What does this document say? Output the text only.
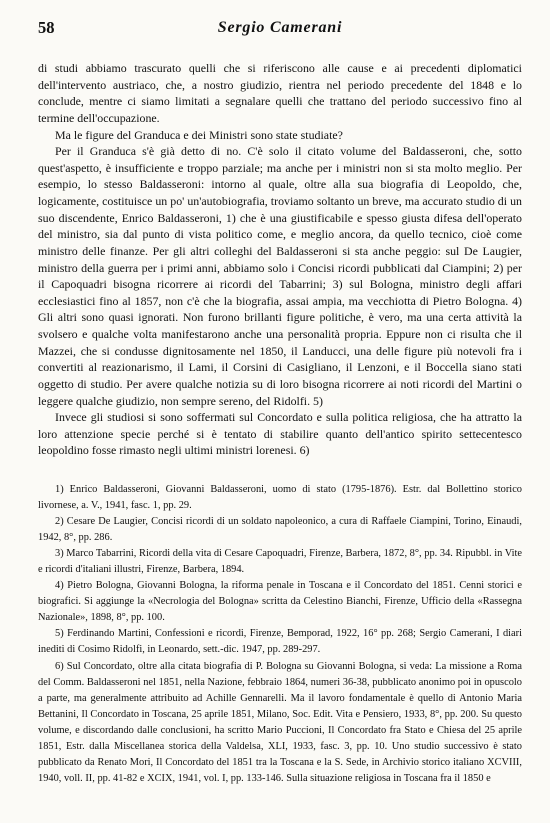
58	Sergio Camerani

di studi abbiamo trascurato quelli che si riferiscono alle cause e ai precedenti diplomatici dell'intervento austriaco, che, a nostro giudizio, rientra nel periodo precedente del 1848 e lo conclude, mentre ci siamo limitati a segnalare quelli che trattano del periodo successivo fino al termine dell'occupazione.

Ma le figure del Granduca e dei Ministri sono state studiate?

Per il Granduca s'è già detto di no. C'è solo il citato volume del Baldasseroni, che, sotto quest'aspetto, è insufficiente e troppo parziale; ma anche per i ministri non si sta molto meglio. Per esempio, lo stesso Baldasseroni: intorno al quale, oltre alla sua biografia di Leopoldo, che, logicamente, costituisce un po' un'autobiografia, troviamo soltanto un breve, ma accurato studio di un suo discendente, Enrico Baldasseroni, 1) che è una giustificabile e spesso giusta difesa dell'operato del ministro, sia dal punto di vista politico come, e meglio ancora, da quello tecnico, cioè come ministro delle finanze. Per gli altri colleghi del Baldasseroni si sta anche peggio: sul De Laugier, ministro della guerra per i primi anni, abbiamo solo i Concisi ricordi pubblicati dal Ciampini; 2) per il Capoquadri bisogna ricorrere ai ricordi del Tabarrini; 3) sul Bologna, ministro degli affari ecclesiastici fino al 1857, non c'è che la biografia, assai ampia, ma vecchiotta di Pietro Bologna. 4) Gli altri sono quasi ignorati. Non furono brillanti figure politiche, è vero, ma una certa attività la svolsero e qualche volta manifestarono anche una personalità propria. Eppure non ci risulta che il Mazzei, che si condusse dignitosamente nel 1850, il Landucci, una delle figure più notevoli fra i convertiti al reazionarismo, il Lami, il Corsini di Casigliano, il Lenzoni, e il Boccella siano stati oggetto di studio. Per avere qualche notizia su di loro bisogna ricorrere ai noti ricordi del Martini o leggere qualche giudizio, non sempre sereno, del Ridolfi. 5)

Invece gli studiosi si sono soffermati sul Concordato e sulla politica religiosa, che ha attratto la loro attenzione specie perché si è tentato di stabilire quanto dell'antico spirito settecentesco leopoldino fosse rimasto negli ultimi ministri lorenesi. 6)

1) Enrico Baldasseroni, Giovanni Baldasseroni, uomo di stato (1795-1876). Estr. dal Bollettino storico livornese, a. V., 1941, fasc. 1, pp. 29.

2) Cesare De Laugier, Concisi ricordi di un soldato napoleonico, a cura di Raffaele Ciampini, Torino, Einaudi, 1942, 8°, pp. 286.

3) Marco Tabarrini, Ricordi della vita di Cesare Capoquadri, Firenze, Barbera, 1872, 8°, pp. 34. Ripubbl. in Vite e ricordi d'italiani illustri, Firenze, Barbera, 1894.

4) Pietro Bologna, Giovanni Bologna, la riforma penale in Toscana e il Concordato del 1851. Cenni storici e biografici. Si aggiunge la «Necrologia del Bologna» scritta da Celestino Bianchi, Firenze, Ufficio della «Rassegna Nazionale», 1898, 8°, pp. 100.

5) Ferdinando Martini, Confessioni e ricordi, Firenze, Bemporad, 1922, 16° pp. 268; Sergio Camerani, I diari inediti di Cosimo Ridolfi, in Leonardo, sett.-dic. 1947, pp. 289-297.

6) Sul Concordato, oltre alla citata biografia di P. Bologna su Giovanni Bologna, si veda: La missione a Roma del Comm. Baldasseroni nel 1851, nella Nazione, febbraio 1864, numeri 36-38, pubblicato anonimo poi in opuscolo a parte, ma generalmente attribuito ad Achille Gennarelli. Ma il lavoro fondamentale è quello di Antonio Maria Bettanini, Il Concordato in Toscana, 25 aprile 1851, Milano, Soc. Edit. Vita e Pensiero, 1933, 8°, pp. 200. Su questo volume, e discordando dalle conclusioni, ha scritto Mario Puccioni, Il Concordato fra Stato e Chiesa del 25 aprile 1851, Estr. dalla Miscellanea storica della Valdelsa, XLI, 1933, fasc. 3, pp. 10. Uno studio successivo è stato pubblicato da Renato Mori, Il Concordato del 1851 tra la Toscana e la S. Sede, in Archivio storico italiano XCVIII, 1940, voll. II, pp. 41-82 e XCIX, 1941, vol. I, pp. 133-146. Sulla situazione religiosa in Toscana fra il 1850 e
